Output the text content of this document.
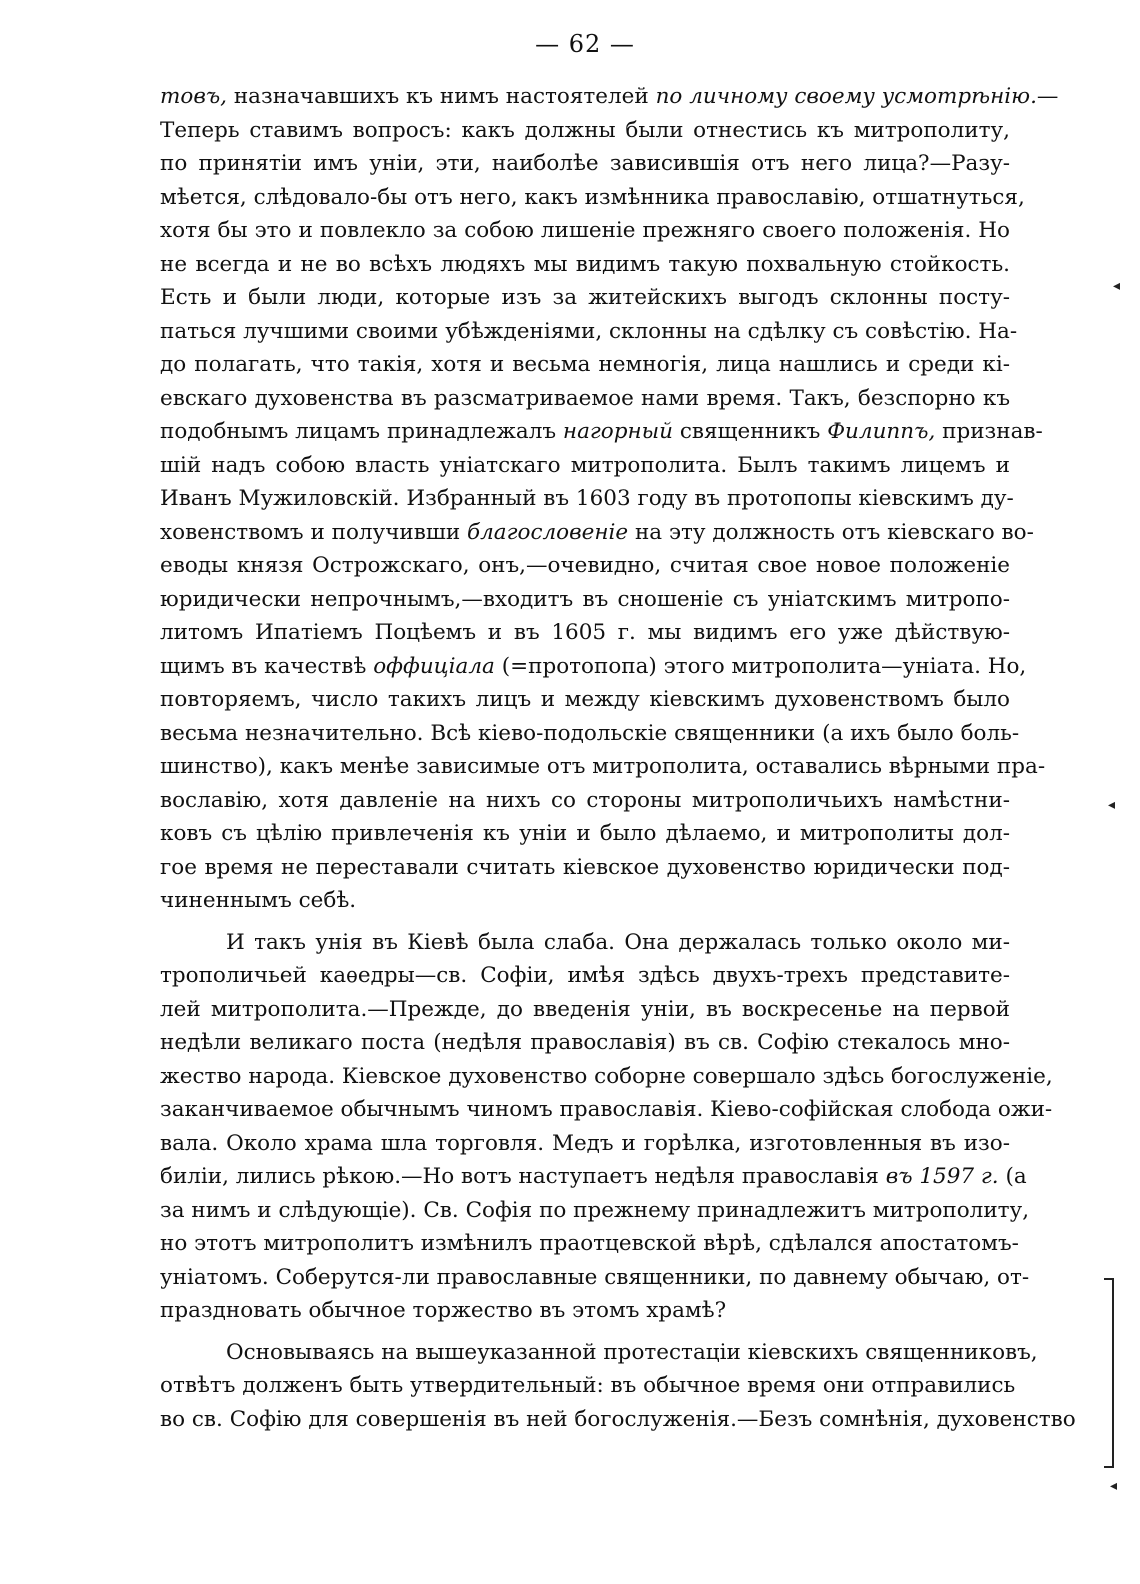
— 62 —
товъ, назначавшихъ къ нимъ настоятелей по личному своему усмотрѣнію.—
Теперь ставимъ вопросъ: какъ должны были отнестись къ митрополиту,
по принятіи имъ уніи, эти, наиболѣе зависившія отъ него лица?—Разу-
мѣется, слѣдовало-бы отъ него, какъ измѣнника православію, отшатнуться,
хотя бы это и повлекло за собою лишеніе прежняго своего положенія. Но
не всегда и не во всѣхъ людяхъ мы видимъ такую похвальную стойкость.
Есть и были люди, которые изъ за житейскихъ выгодъ склонны посту-
паться лучшими своими убѣжденіями, склонны на сдѣлку съ совѣстію. На-
до полагать, что такія, хотя и весьма немногія, лица нашлись и среди кі-
евскаго духовенства въ разсматриваемое нами время. Такъ, безспорно къ
подобнымъ лицамъ принадлежалъ нагорный священникъ Филиппъ, признав-
шій надъ собою власть уніатскаго митрополита. Былъ такимъ лицемъ и
Иванъ Мужиловскій. Избранный въ 1603 году въ протопопы кіевскимъ ду-
ховенствомъ и получивши благословеніе на эту должность отъ кіевскаго во-
еводы князя Острожскаго, онъ,—очевидно, считая свое новое положеніе
юридически непрочнымъ,—входитъ въ сношеніе съ уніатскимъ митропо-
литомъ Ипатіемъ Поцѣемъ и въ 1605 г. мы видимъ его уже дѣйствую-
щимъ въ качествѣ оффиціала (=протопопа) этого митрополита—уніата. Но,
повторяемъ, число такихъ лицъ и между кіевскимъ духовенствомъ было
весьма незначительно. Всѣ кіево-подольскіе священники (а ихъ было боль-
шинство), какъ менѣе зависимые отъ митрополита, оставались вѣрными пра-
вославію, хотя давленіе на нихъ со стороны митрополичьихъ намѣстни-
ковъ съ цѣлію привлеченія къ уніи и было дѣлаемо, и митрополиты дол-
гое время не переставали считать кіевское духовенство юридически под-
чиненнымъ себѣ.
И такъ унія въ Кіевѣ была слаба. Она держалась только около ми-
трополичьей каѳедры—св. Софіи, имѣя здѣсь двухъ-трехъ представите-
лей митрополита.—Прежде, до введенія уніи, въ воскресенье на первой
недѣли великаго поста (недѣля православія) въ св. Софію стекалось мно-
жество народа. Кіевское духовенство соборне совершало здѣсь богослуженіе,
заканчиваемое обычнымъ чиномъ православія. Кіево-софійская слобода ожи-
вала. Около храма шла торговля. Медъ и горѣлка, изготовленныя въ изо-
биліи, лились рѣкою.—Но вотъ наступаетъ недѣля православія въ 1597 г. (а
за нимъ и слѣдующіе). Св. Софія по прежнему принадлежитъ митрополиту,
но этотъ митрополитъ измѣнилъ праотцевской вѣрѣ, сдѣлался апостатомъ-
уніатомъ. Соберутся-ли православные священники, по давнему обычаю, от-
праздновать обычное торжество въ этомъ храмѣ?
Основываясь на вышеуказанной протестаціи кіевскихъ священниковъ,
отвѣтъ долженъ быть утвердительный: въ обычное время они отправились
во св. Софію для совершенія въ ней богослуженія.—Безъ сомнѣнія, духовенство
◂
◂
◂
